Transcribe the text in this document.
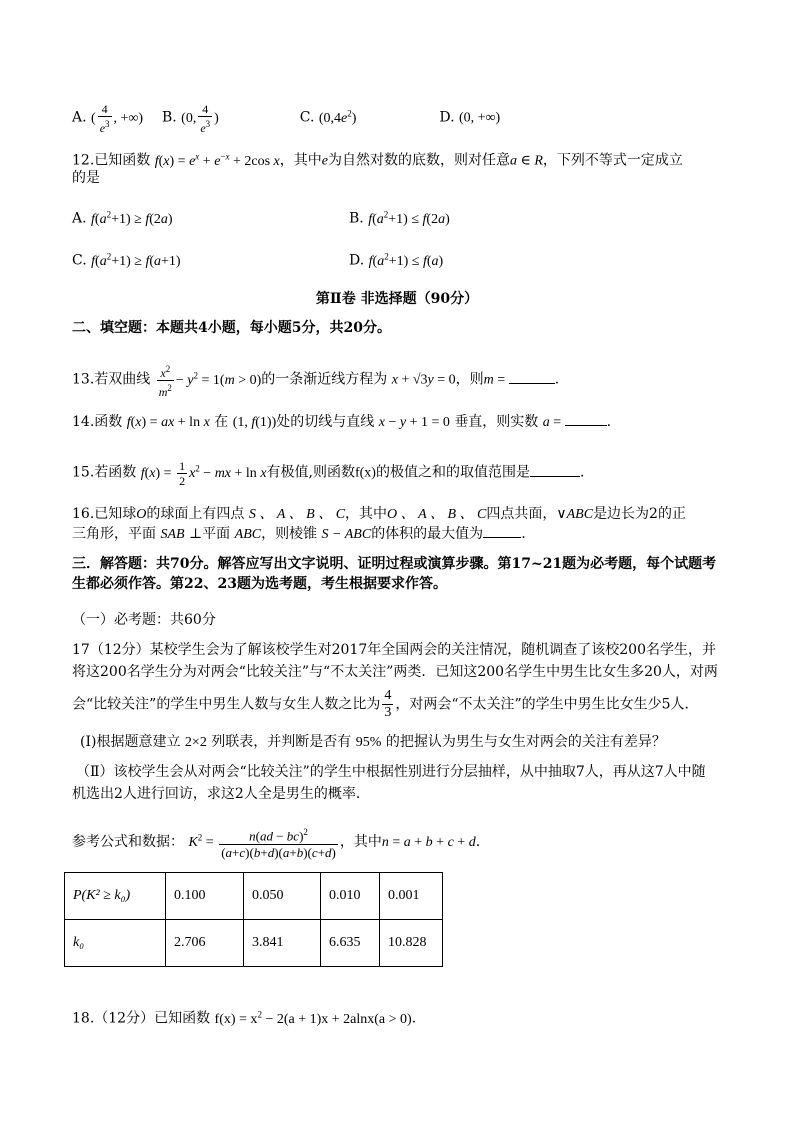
A. ( $\frac{4}{e^3}$ , +∞) B. (0, $\frac{4}{e^3}$ )	C. $(0,4e^2)$	D. (0, +∞)
12.已知函数 $f(x) = e^x + e^{-x} + 2\cos$ x，其中e为自然对数的底数，则对任意a ∈ R，下列不等式一定成立
的是
A. $f(a^2+1) \ge f(2a)$	B. $f(a^2+1) \le f(2a)$
C. $f(a^2+1) \ge f(a+1)$	D. $f(a^2+1) \le f(a)$
第Ⅱ卷 非选择题（90分）
二、填空题：本题共4小题，每小题5分，共20分。
13.若双曲线 $\frac{x^2}{m^2} - y^2 = 1(m > 0)$的一条渐近线方程为 x + √3y = 0，则m =	.
14.函数 f(x) = ax + ln x 在 (1, f(1))处的切线与直线 x − y + 1 = 0 垂直，则实数 a =	.
15.若函数 $f(x) = \frac{1}{2} x^2$ − mx + ln x有极值,则函数f(x)的极值之和的取值范围是	.
16.已知球O的球面上有四点 S 、 A 、 B 、 C，其中O 、 A 、 B 、 C四点共面，∨ABC是边长为2的正
三角形，平面 SAB ⊥平面 ABC，则棱锥 S − ABC的体积的最大值为	.
三．解答题：共70分。解答应写出文字说明、证明过程或演算步骤。第17~21题为必考题，每个试题考
生都必须作答。第22、23题为选考题，考生根据要求作答。
（一）必考题：共60分
17（12分）某校学生会为了解该校学生对2017年全国两会的关注情况，随机调查了该校200名学生，并
将这200名学生分为对两会“比较关注”与“不太关注”两类．已知这200名学生中男生比女生多20人，对两
会“比较关注”的学生中男生人数与女生人数之比为 $\frac{4}{3}$ ，对两会“不太关注”的学生中男生比女生少5人．
(Ⅰ)根据题意建立 2×2 列联表，并判断是否有 95% 的把握认为男生与女生对两会的关注有差异？
（Ⅱ）该校学生会从对两会“比较关注”的学生中根据性别进行分层抽样，从中抽取7人，再从这7人中随
机选出2人进行回访，求这2人全是男生的概率．
参考公式和数据： $K^2 = \frac{n(ad - bc)^2}{(a+c)(b+d)(a+b)(c+d)}$ ，其中n = a + b + c + d.
P(K² ≥ k₀)	0.100	0.050	0.010	0.001
k₀	2.706	3.841	6.635	10.828
18.（12分）已知函数 $f(x) = x^2 - 2(a + 1)x + 2alnx(a > 0)$.
